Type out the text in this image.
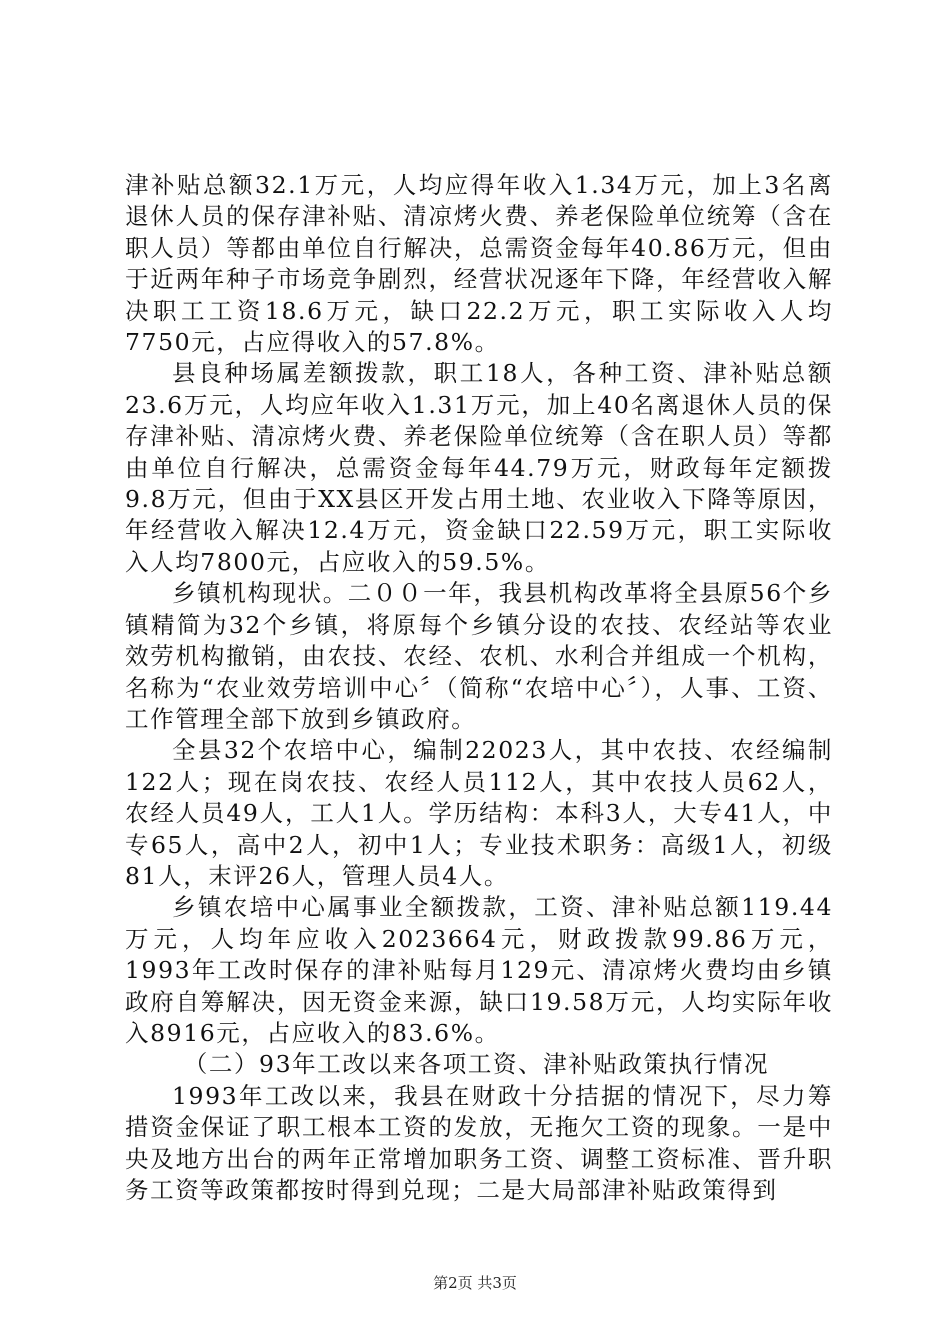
津补贴总额32.1万元，人均应得年收入1.34万元，加上3名离退休人员的保存津补贴、清凉烤火费、养老保险单位统筹（含在职人员）等都由单位自行解决，总需资金每年40.86万元，但由于近两年种子市场竞争剧烈，经营状况逐年下降，年经营收入解决职工工资18.6万元，缺口22.2万元，职工实际收入人均7750元，占应得收入的57.8%。

县良种场属差额拨款，职工18人，各种工资、津补贴总额23.6万元，人均应年收入1.31万元，加上40名离退休人员的保存津补贴、清凉烤火费、养老保险单位统筹（含在职人员）等都由单位自行解决，总需资金每年44.79万元，财政每年定额拨9.8万元，但由于XX县区开发占用土地、农业收入下降等原因，年经营收入解决12.4万元，资金缺口22.59万元，职工实际收入人均7800元，占应收入的59.5%。

乡镇机构现状。二００一年，我县机构改革将全县原56个乡镇精简为32个乡镇，将原每个乡镇分设的农技、农经站等农业效劳机构撤销，由农技、农经、农机、水利合并组成一个机构，名称为“农业效劳培训中心〞（简称“农培中心〞），人事、工资、工作管理全部下放到乡镇政府。

全县32个农培中心，编制22023人，其中农技、农经编制122人；现在岗农技、农经人员112人，其中农技人员62人，农经人员49人，工人1人。学历结构：本科3人，大专41人，中专65人，高中2人，初中1人；专业技术职务：高级1人，初级81人，末评26人，管理人员4人。

乡镇农培中心属事业全额拨款，工资、津补贴总额119.44万元，人均年应收入2023664元，财政拨款99.86万元，1993年工改时保存的津补贴每月129元、清凉烤火费均由乡镇政府自筹解决，因无资金来源，缺口19.58万元，人均实际年收入8916元，占应收入的83.6%。

（二）93年工改以来各项工资、津补贴政策执行情况

1993年工改以来，我县在财政十分拮据的情况下，尽力筹措资金保证了职工根本工资的发放，无拖欠工资的现象。一是中央及地方出台的两年正常增加职务工资、调整工资标准、晋升职务工资等政策都按时得到兑现；二是大局部津补贴政策得到

第2页 共3页
